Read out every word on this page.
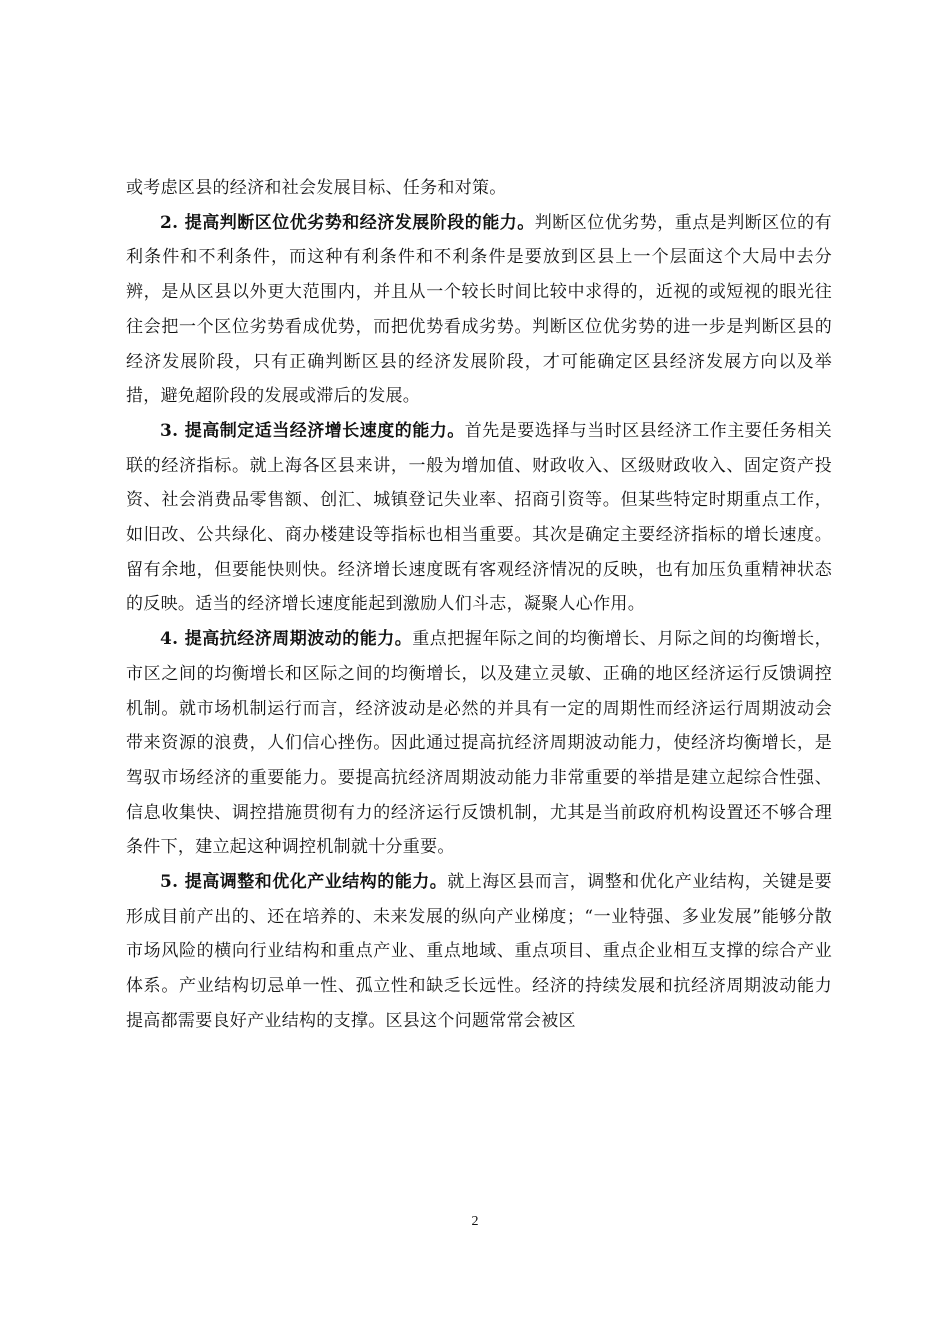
或考虑区县的经济和社会发展目标、任务和对策。

2. 提高判断区位优劣势和经济发展阶段的能力。判断区位优劣势，重点是判断区位的有利条件和不利条件，而这种有利条件和不利条件是要放到区县上一个层面这个大局中去分辨，是从区县以外更大范围内，并且从一个较长时间比较中求得的，近视的或短视的眼光往往会把一个区位劣势看成优势，而把优势看成劣势。判断区位优劣势的进一步是判断区县的经济发展阶段，只有正确判断区县的经济发展阶段，才可能确定区县经济发展方向以及举措，避免超阶段的发展或滞后的发展。

3. 提高制定适当经济增长速度的能力。首先是要选择与当时区县经济工作主要任务相关联的经济指标。就上海各区县来讲，一般为增加值、财政收入、区级财政收入、固定资产投资、社会消费品零售额、创汇、城镇登记失业率、招商引资等。但某些特定时期重点工作，如旧改、公共绿化、商办楼建设等指标也相当重要。其次是确定主要经济指标的增长速度。留有余地，但要能快则快。经济增长速度既有客观经济情况的反映，也有加压负重精神状态的反映。适当的经济增长速度能起到激励人们斗志，凝聚人心作用。

4. 提高抗经济周期波动的能力。重点把握年际之间的均衡增长、月际之间的均衡增长，市区之间的均衡增长和区际之间的均衡增长，以及建立灵敏、正确的地区经济运行反馈调控机制。就市场机制运行而言，经济波动是必然的并具有一定的周期性而经济运行周期波动会带来资源的浪费，人们信心挫伤。因此通过提高抗经济周期波动能力，使经济均衡增长，是驾驭市场经济的重要能力。要提高抗经济周期波动能力非常重要的举措是建立起综合性强、信息收集快、调控措施贯彻有力的经济运行反馈机制，尤其是当前政府机构设置还不够合理条件下，建立起这种调控机制就十分重要。

5. 提高调整和优化产业结构的能力。就上海区县而言，调整和优化产业结构，关键是要形成目前产出的、还在培养的、未来发展的纵向产业梯度；“一业特强、多业发展”能够分散市场风险的横向行业结构和重点产业、重点地域、重点项目、重点企业相互支撑的综合产业体系。产业结构切忌单一性、孤立性和缺乏长远性。经济的持续发展和抗经济周期波动能力提高都需要良好产业结构的支撑。区县这个问题常常会被区

2
